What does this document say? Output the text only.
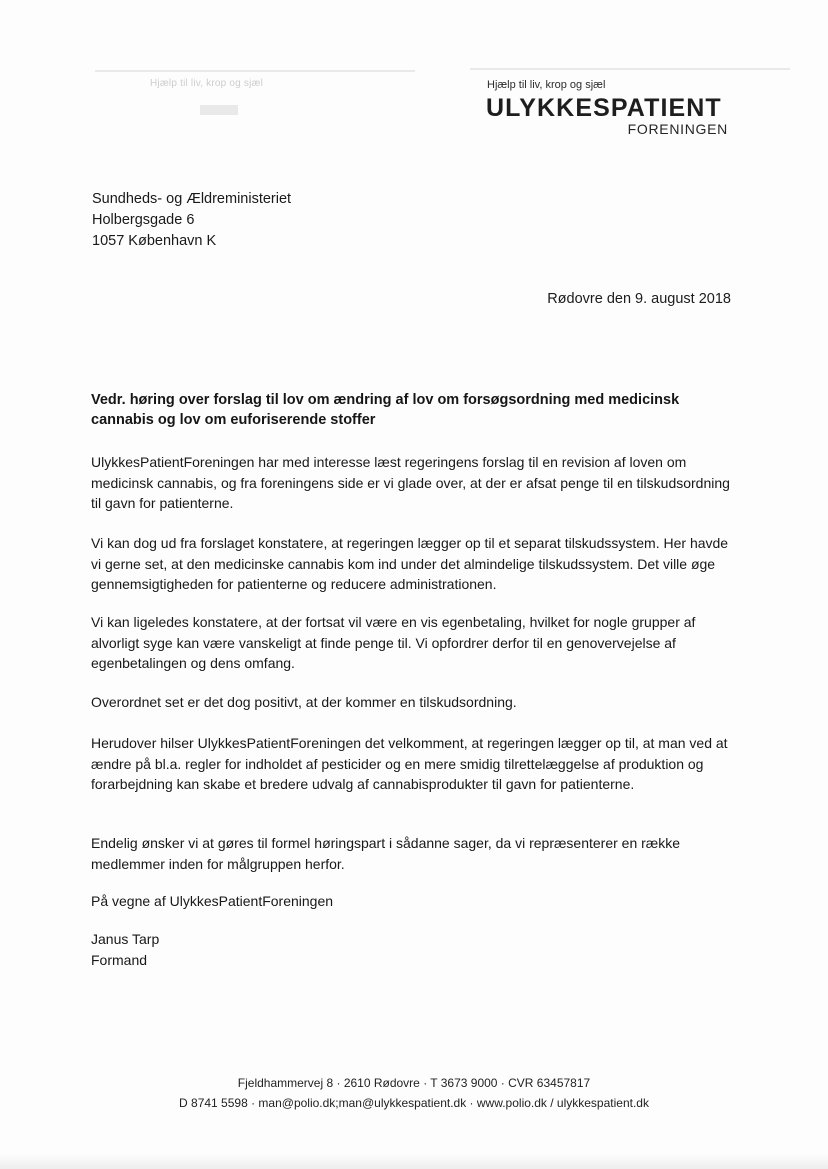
Hjælp til liv, krop og sjæl	Hjælp til liv, krop og sjæl
ULYKKESPATIENT
FORENINGEN
Sundheds- og Ældreministeriet
Holbergsgade 6
1057 København K
Rødovre den 9. august 2018
Vedr. høring over forslag til lov om ændring af lov om forsøgsordning med medicinsk cannabis og lov om euforiserende stoffer
UlykkesPatientForeningen har med interesse læst regeringens forslag til en revision af loven om medicinsk cannabis, og fra foreningens side er vi glade over, at der er afsat penge til en tilskudsordning til gavn for patienterne.
Vi kan dog ud fra forslaget konstatere, at regeringen lægger op til et separat tilskudssystem. Her havde vi gerne set, at den medicinske cannabis kom ind under det almindelige tilskudssystem. Det ville øge gennemsigtigheden for patienterne og reducere administrationen.
Vi kan ligeledes konstatere, at der fortsat vil være en vis egenbetaling, hvilket for nogle grupper af alvorligt syge kan være vanskeligt at finde penge til. Vi opfordrer derfor til en genovervejelse af egenbetalingen og dens omfang.
Overordnet set er det dog positivt, at der kommer en tilskudsordning.
Herudover hilser UlykkesPatientForeningen det velkomment, at regeringen lægger op til, at man ved at ændre på bl.a. regler for indholdet af pesticider og en mere smidig tilrettelæggelse af produktion og forarbejdning kan skabe et bredere udvalg af cannabisprodukter til gavn for patienterne.
Endelig ønsker vi at gøres til formel høringspart i sådanne sager, da vi repræsenterer en række medlemmer inden for målgruppen herfor.
På vegne af UlykkesPatientForeningen
Janus Tarp
Formand
Fjeldhammervej 8 · 2610 Rødovre · T 3673 9000 · CVR 63457817
D 8741 5598 · man@polio.dk;man@ulykkespatient.dk · www.polio.dk / ulykkespatient.dk
